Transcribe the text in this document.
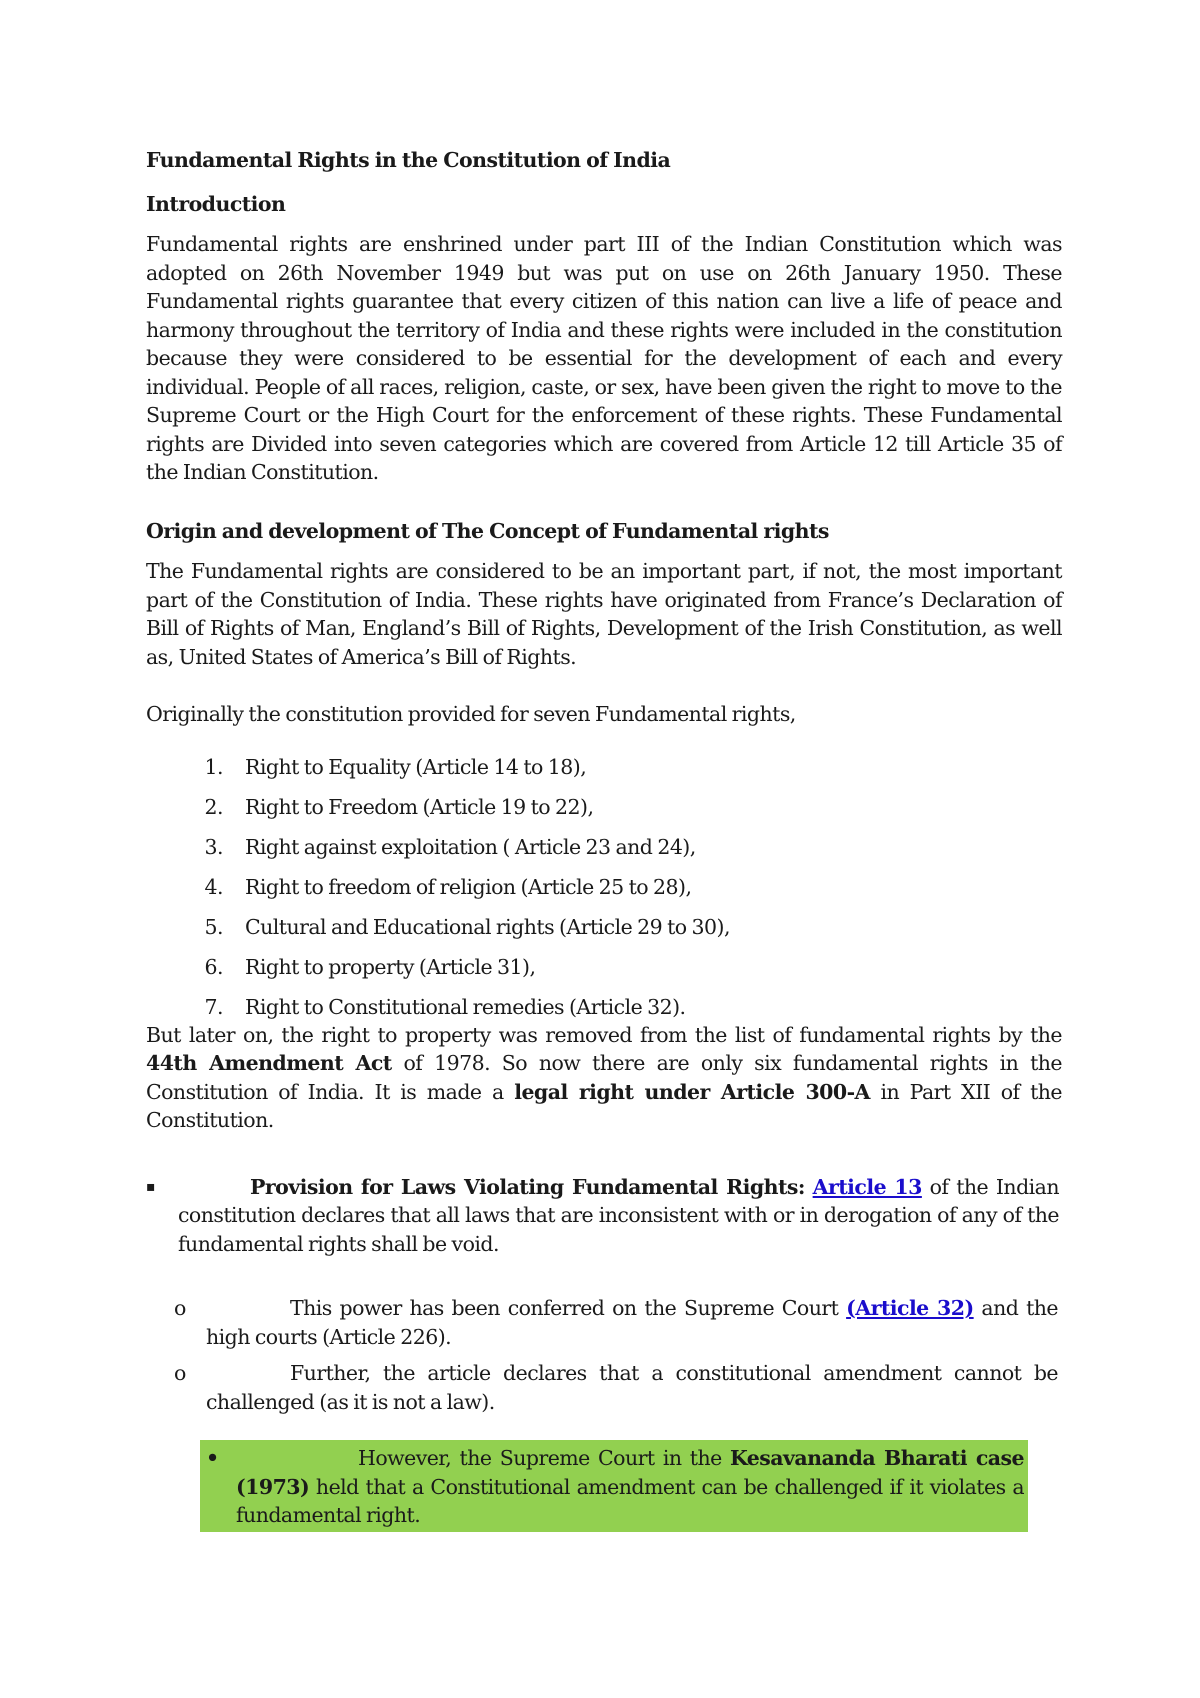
Fundamental Rights in the Constitution of India

Introduction

Fundamental rights are enshrined under part III of the Indian Constitution which was adopted on 26th November 1949 but was put on use on 26th January 1950. These Fundamental rights guarantee that every citizen of this nation can live a life of peace and harmony throughout the territory of India and these rights were included in the constitution because they were considered to be essential for the development of each and every individual. People of all races, religion, caste, or sex, have been given the right to move to the Supreme Court or the High Court for the enforcement of these rights. These Fundamental rights are Divided into seven categories which are covered from Article 12 till Article 35 of the Indian Constitution.

Origin and development of The Concept of Fundamental rights

The Fundamental rights are considered to be an important part, if not, the most important part of the Constitution of India. These rights have originated from France’s Declaration of Bill of Rights of Man, England’s Bill of Rights, Development of the Irish Constitution, as well as, United States of America’s Bill of Rights.

Originally the constitution provided for seven Fundamental rights,

1.	Right to Equality (Article 14 to 18),
2.	Right to Freedom (Article 19 to 22),
3.	Right against exploitation ( Article 23 and 24),
4.	Right to freedom of religion (Article 25 to 28),
5.	Cultural and Educational rights (Article 29 to 30),
6.	Right to property (Article 31),
7.	Right to Constitutional remedies (Article 32).

But later on, the right to property was removed from the list of fundamental rights by the 44th Amendment Act of 1978. So now there are only six fundamental rights in the Constitution of India. It is made a legal right under Article 300-A in Part XII of the Constitution.

▪	Provision for Laws Violating Fundamental Rights: Article 13 of the Indian constitution declares that all laws that are inconsistent with or in derogation of any of the fundamental rights shall be void.

o	This power has been conferred on the Supreme Court (Article 32) and the high courts (Article 226).

o	Further, the article declares that a constitutional amendment cannot be challenged (as it is not a law).

•	However, the Supreme Court in the Kesavananda Bharati case (1973) held that a Constitutional amendment can be challenged if it violates a fundamental right.
